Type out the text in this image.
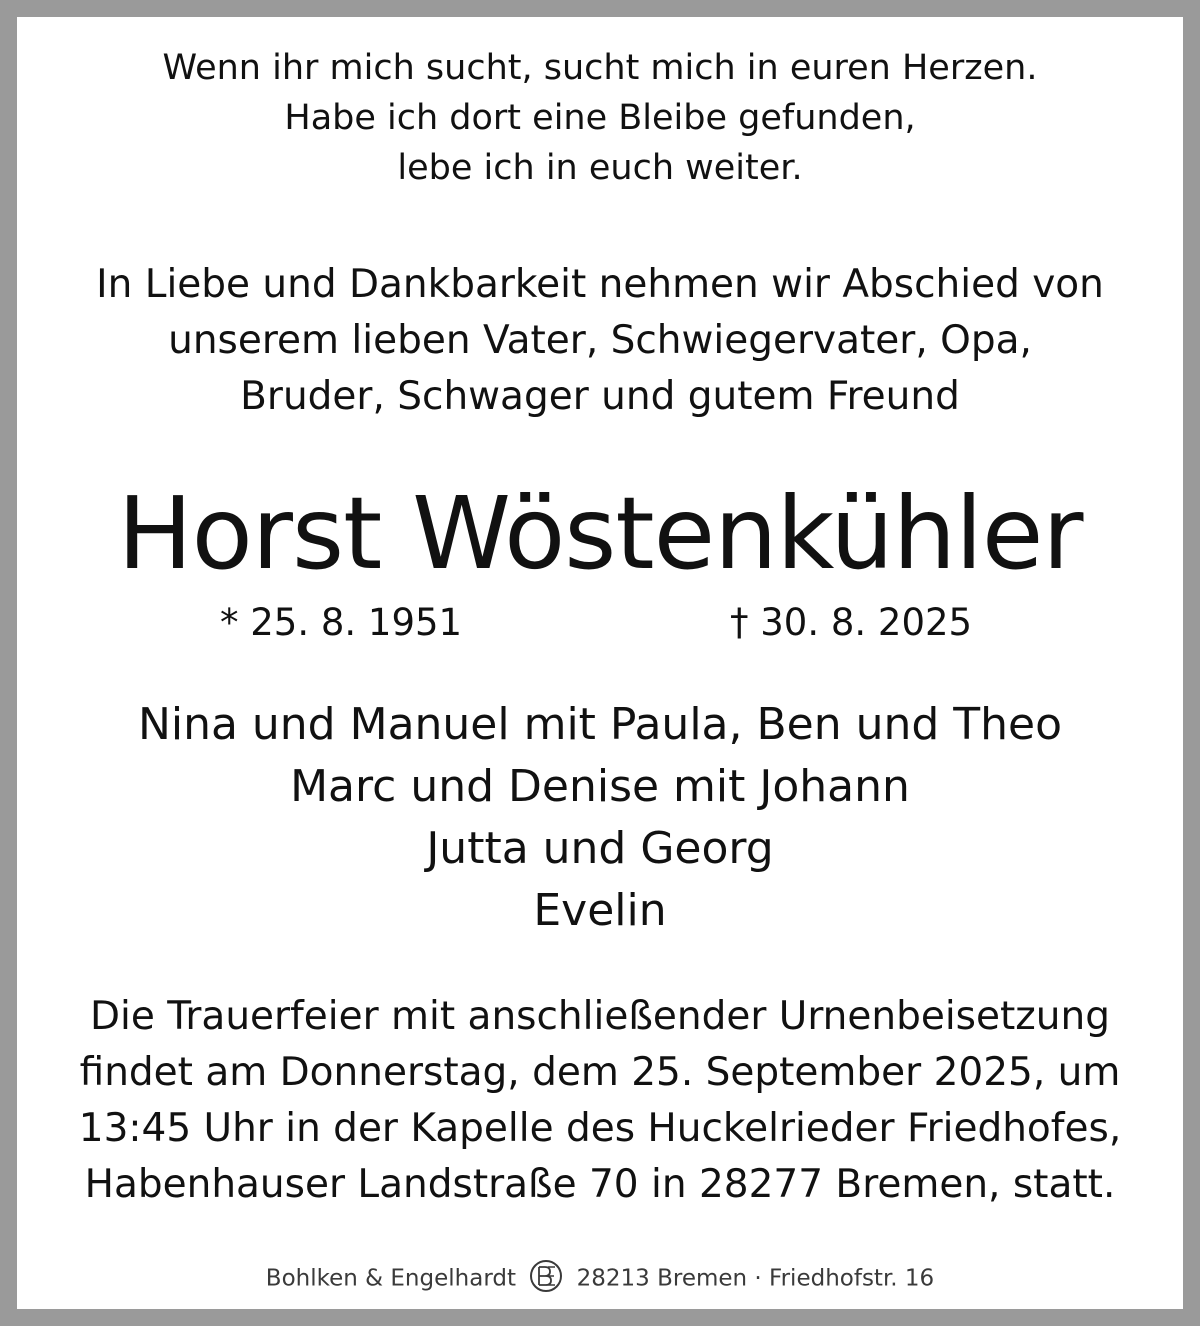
Wenn ihr mich sucht, sucht mich in euren Herzen.
Habe ich dort eine Bleibe gefunden,
lebe ich in euch weiter.
In Liebe und Dankbarkeit nehmen wir Abschied von
unserem lieben Vater, Schwiegervater, Opa,
Bruder, Schwager und gutem Freund
Horst Wöstenkühler
* 25. 8. 1951	† 30. 8. 2025
Nina und Manuel mit Paula, Ben und Theo
Marc und Denise mit Johann
Jutta und Georg
Evelin
Die Trauerfeier mit anschließender Urnenbeisetzung
findet am Donnerstag, dem 25. September 2025, um
13:45 Uhr in der Kapelle des Huckelrieder Friedhofes,
Habenhauser Landstraße 70 in 28277 Bremen, statt.
Bohlken & Engelhardt	28213 Bremen · Friedhofstr. 16
